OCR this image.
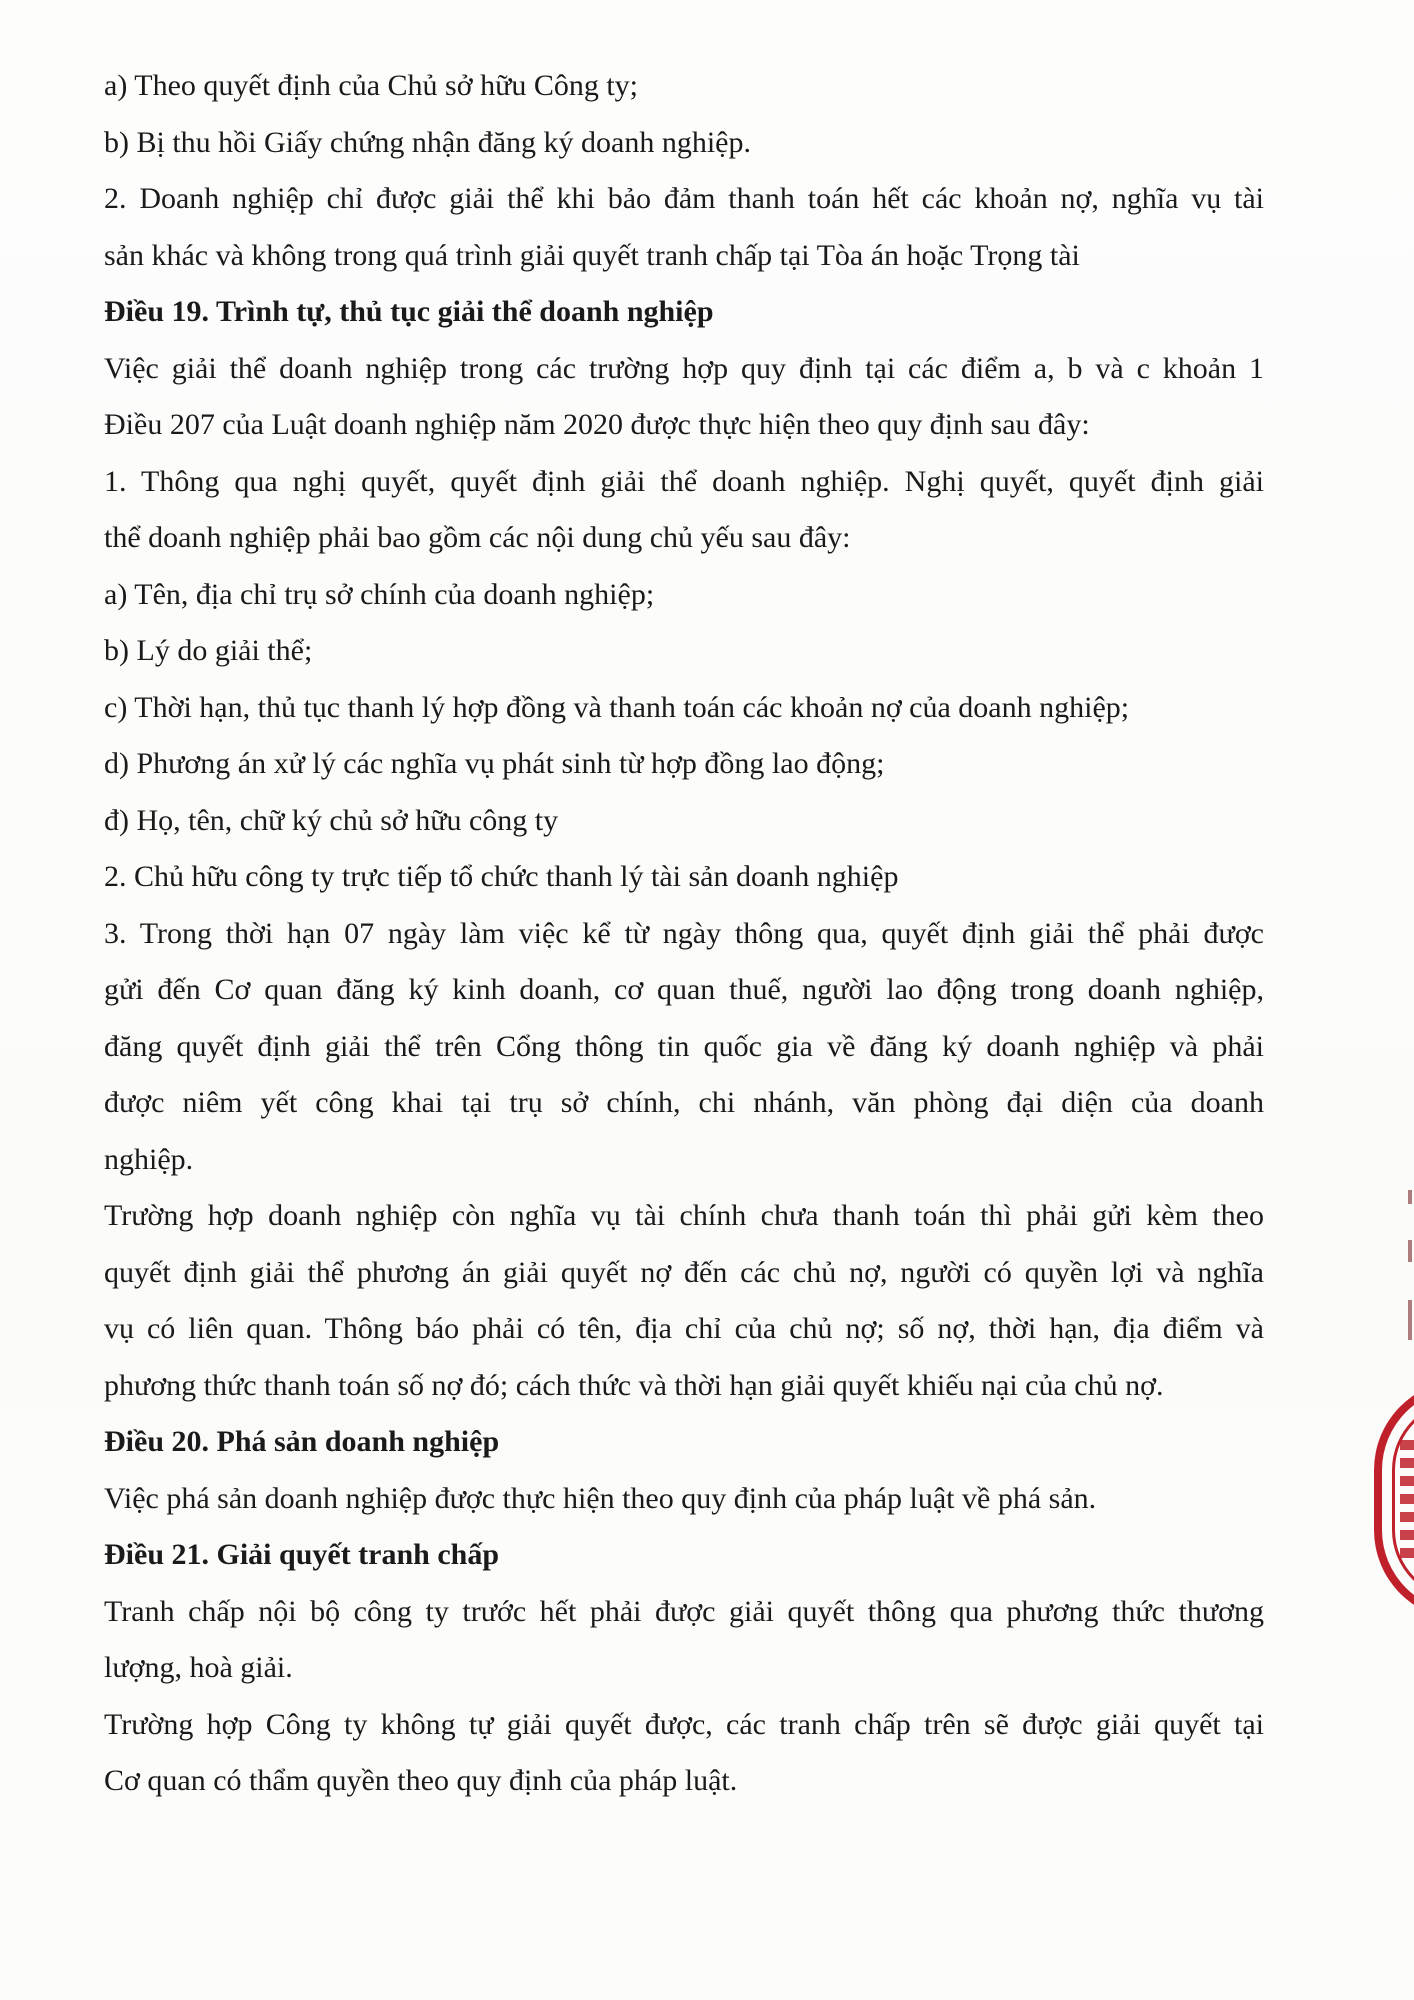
a) Theo quyết định của Chủ sở hữu Công ty;
b) Bị thu hồi Giấy chứng nhận đăng ký doanh nghiệp.
2. Doanh nghiệp chỉ được giải thể khi bảo đảm thanh toán hết các khoản nợ, nghĩa vụ tài
sản khác và không trong quá trình giải quyết tranh chấp tại Tòa án hoặc Trọng tài
Điều 19. Trình tự, thủ tục giải thể doanh nghiệp
Việc giải thể doanh nghiệp trong các trường hợp quy định tại các điểm a, b và c khoản 1
Điều 207 của Luật doanh nghiệp năm 2020 được thực hiện theo quy định sau đây:
1. Thông qua nghị quyết, quyết định giải thể doanh nghiệp. Nghị quyết, quyết định giải
thể doanh nghiệp phải bao gồm các nội dung chủ yếu sau đây:
a) Tên, địa chỉ trụ sở chính của doanh nghiệp;
b) Lý do giải thể;
c) Thời hạn, thủ tục thanh lý hợp đồng và thanh toán các khoản nợ của doanh nghiệp;
d) Phương án xử lý các nghĩa vụ phát sinh từ hợp đồng lao động;
đ) Họ, tên, chữ ký chủ sở hữu công ty
2. Chủ hữu công ty trực tiếp tổ chức thanh lý tài sản doanh nghiệp
3. Trong thời hạn 07 ngày làm việc kể từ ngày thông qua, quyết định giải thể phải được
gửi đến Cơ quan đăng ký kinh doanh, cơ quan thuế, người lao động trong doanh nghiệp,
đăng quyết định giải thể trên Cổng thông tin quốc gia về đăng ký doanh nghiệp và phải
được niêm yết công khai tại trụ sở chính, chi nhánh, văn phòng đại diện của doanh
nghiệp.
Trường hợp doanh nghiệp còn nghĩa vụ tài chính chưa thanh toán thì phải gửi kèm theo
quyết định giải thể phương án giải quyết nợ đến các chủ nợ, người có quyền lợi và nghĩa
vụ có liên quan. Thông báo phải có tên, địa chỉ của chủ nợ; số nợ, thời hạn, địa điểm và
phương thức thanh toán số nợ đó; cách thức và thời hạn giải quyết khiếu nại của chủ nợ.
Điều 20. Phá sản doanh nghiệp
Việc phá sản doanh nghiệp được thực hiện theo quy định của pháp luật về phá sản.
Điều 21. Giải quyết tranh chấp
Tranh chấp nội bộ công ty trước hết phải được giải quyết thông qua phương thức thương
lượng, hoà giải.
Trường hợp Công ty không tự giải quyết được, các tranh chấp trên sẽ được giải quyết tại
Cơ quan có thẩm quyền theo quy định của pháp luật.
